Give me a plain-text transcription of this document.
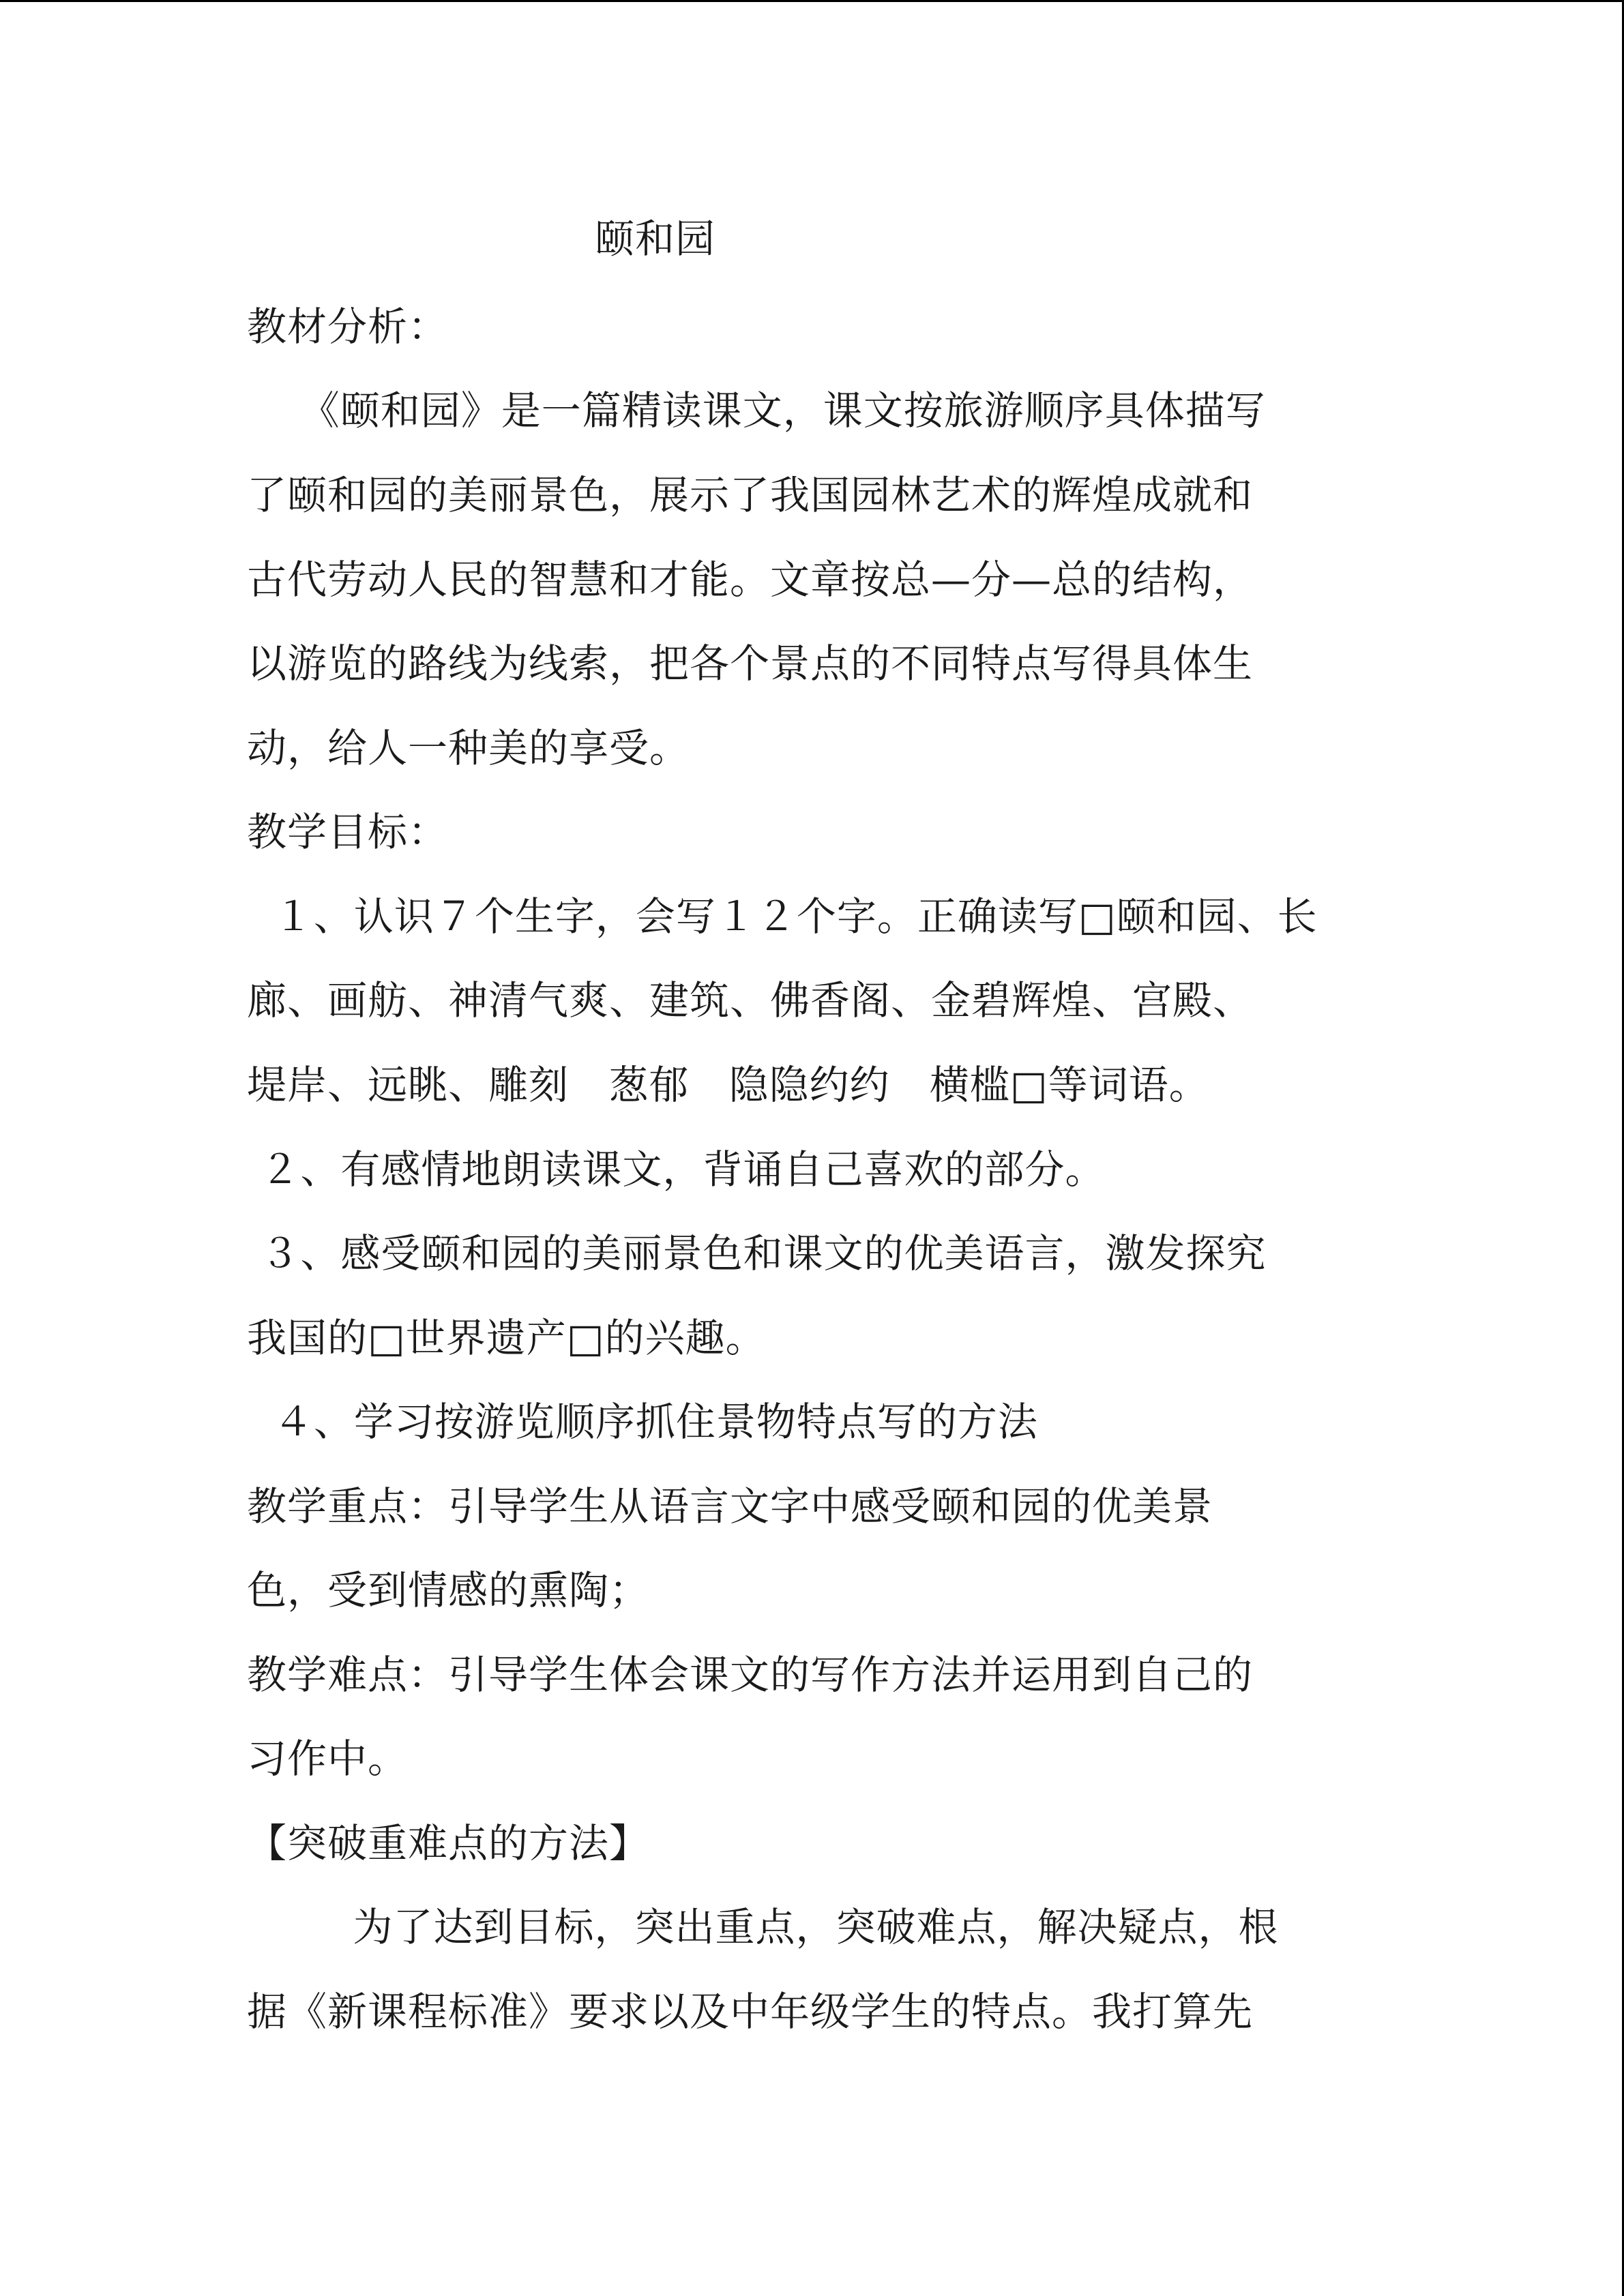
颐和园
教材分析：
《颐和园》是一篇精读课文，课文按旅游顺序具体描写
了颐和园的美丽景色，展示了我国园林艺术的辉煌成就和
古代劳动人民的智慧和才能。文章按总—分—总的结构，
以游览的路线为线索，把各个景点的不同特点写得具体生
动，给人一种美的享受。
教学目标：
１、认识７个生字，会写１２个字。正确读写□颐和园、长
廊、画舫、神清气爽、建筑、佛香阁、金碧辉煌、宫殿、
堤岸、远眺、雕刻   葱郁   隐隐约约   横槛□等词语。
２、有感情地朗读课文，背诵自己喜欢的部分。
３、感受颐和园的美丽景色和课文的优美语言，激发探究
我国的□世界遗产□的兴趣。
４、学习按游览顺序抓住景物特点写的方法
教学重点：引导学生从语言文字中感受颐和园的优美景
色，受到情感的熏陶；
教学难点：引导学生体会课文的写作方法并运用到自己的
习作中。
【突破重难点的方法】
为了达到目标，突出重点，突破难点，解决疑点，根
据《新课程标准》要求以及中年级学生的特点。我打算先
